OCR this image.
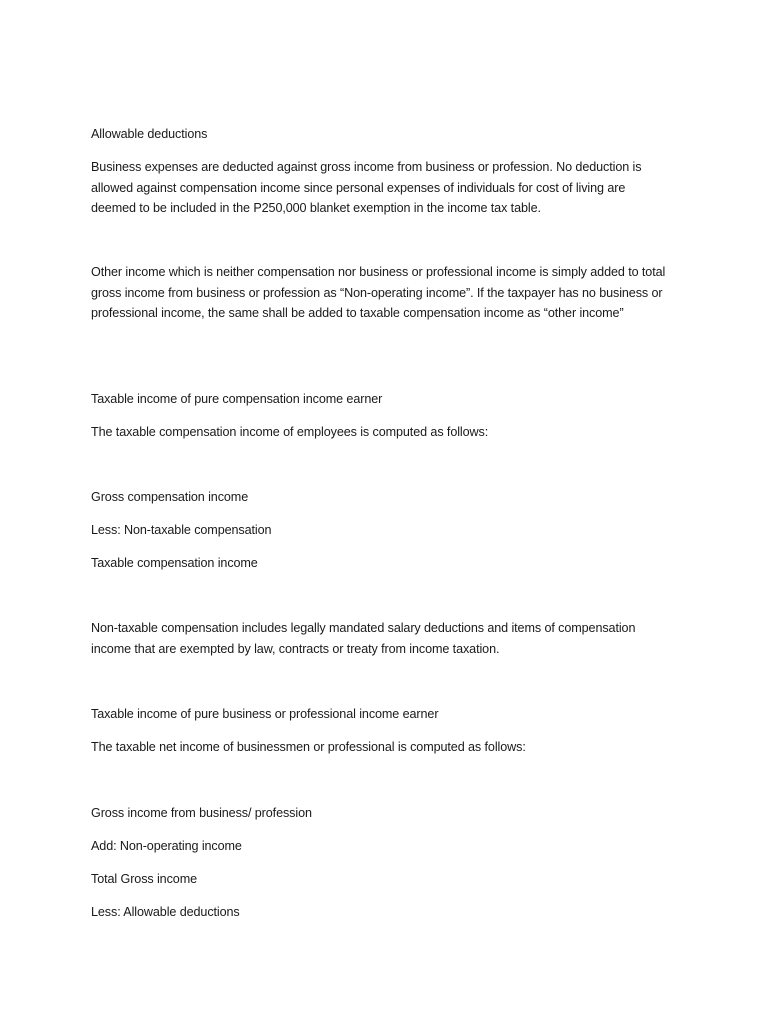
Allowable deductions

Business expenses are deducted against gross income from business or profession. No deduction is allowed against compensation income since personal expenses of individuals for cost of living are deemed to be included in the P250,000 blanket exemption in the income tax table.

Other income which is neither compensation nor business or professional income is simply added to total gross income from business or profession as “Non-operating income”. If the taxpayer has no business or professional income, the same shall be added to taxable compensation income as “other income”

Taxable income of pure compensation income earner

The taxable compensation income of employees is computed as follows:

Gross compensation income

Less: Non-taxable compensation

Taxable compensation income

Non-taxable compensation includes legally mandated salary deductions and items of compensation income that are exempted by law, contracts or treaty from income taxation.

Taxable income of pure business or professional income earner

The taxable net income of businessmen or professional is computed as follows:

Gross income from business/ profession

Add: Non-operating income

Total Gross income

Less: Allowable deductions
